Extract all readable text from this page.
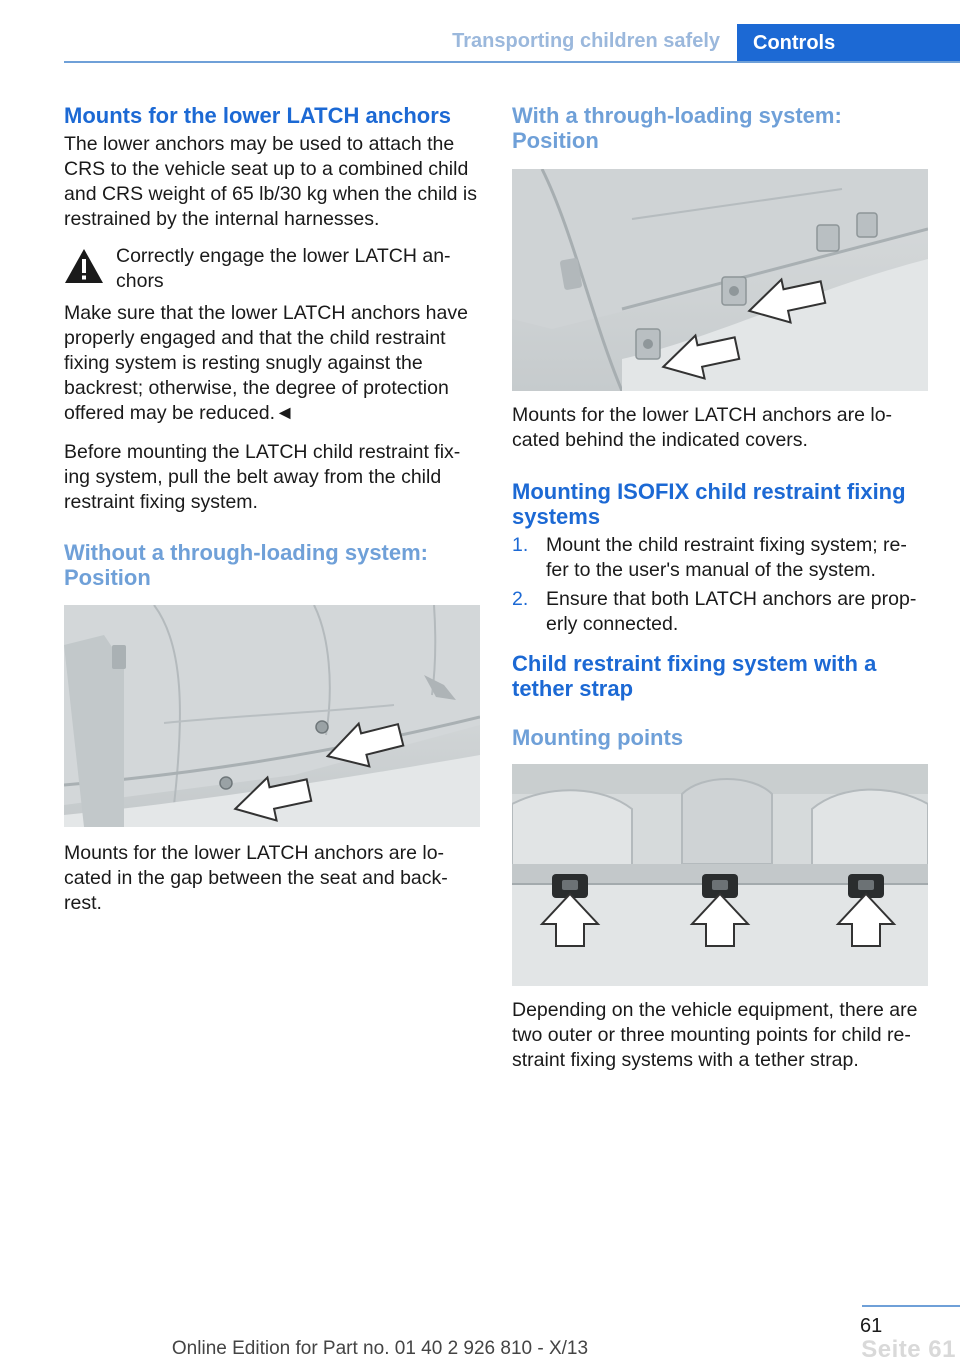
Transporting children safely	Controls
Mounts for the lower LATCH anchors

The lower anchors may be used to attach the CRS to the vehicle seat up to a combined child and CRS weight of 65 lb/30 kg when the child is restrained by the internal harnesses.

Correctly engage the lower LATCH an‐chors

Make sure that the lower LATCH anchors have properly engaged and that the child restraint fixing system is resting snugly against the backrest; otherwise, the degree of protection offered may be reduced.◄

Before mounting the LATCH child restraint fix‐ing system, pull the belt away from the child restraint fixing system.

Without a through-loading system: Position

Mounts for the lower LATCH anchors are lo‐cated in the gap between the seat and back‐rest.

With a through-loading system: Position

Mounts for the lower LATCH anchors are lo‐cated behind the indicated covers.

Mounting ISOFIX child restraint fixing systems
1. Mount the child restraint fixing system; re‐fer to the user's manual of the system.
2. Ensure that both LATCH anchors are prop‐erly connected.
Child restraint fixing system with a tether strap
Mounting points

Depending on the vehicle equipment, there are two outer or three mounting points for child re‐straint fixing systems with a tether strap.

61
Online Edition for Part no. 01 40 2 926 810 - X/13	Seite 61
